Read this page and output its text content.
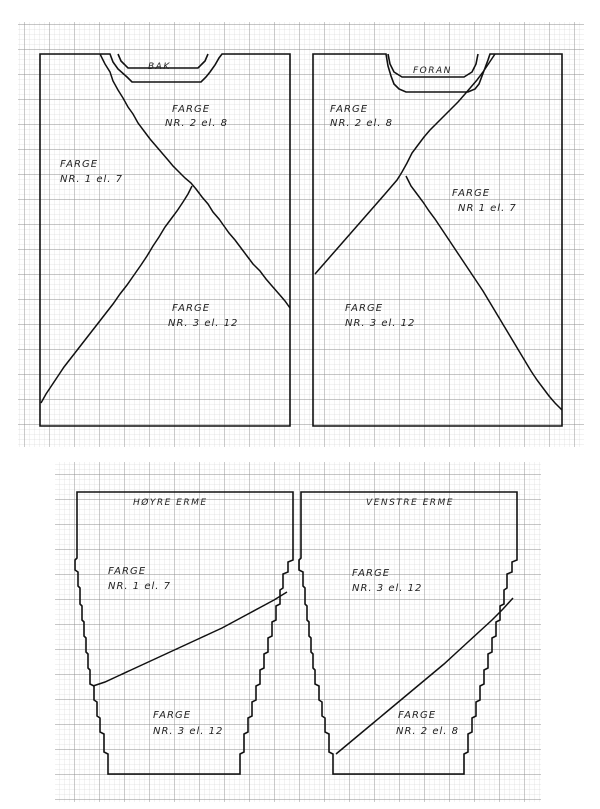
BAK
FARGE
NR. 2 el. 8
FARGE
NR. 1 el. 7
FARGE
NR. 3 el. 12
FORAN
FARGE
NR. 2 el. 8
FARGE
NR 1 el. 7
FARGE
NR. 3 el. 12
HØYRE ERME
FARGE
NR. 1 el. 7
FARGE
NR. 3 el. 12
VENSTRE ERME
FARGE
NR. 3 el. 12
FARGE
NR. 2 el. 8
